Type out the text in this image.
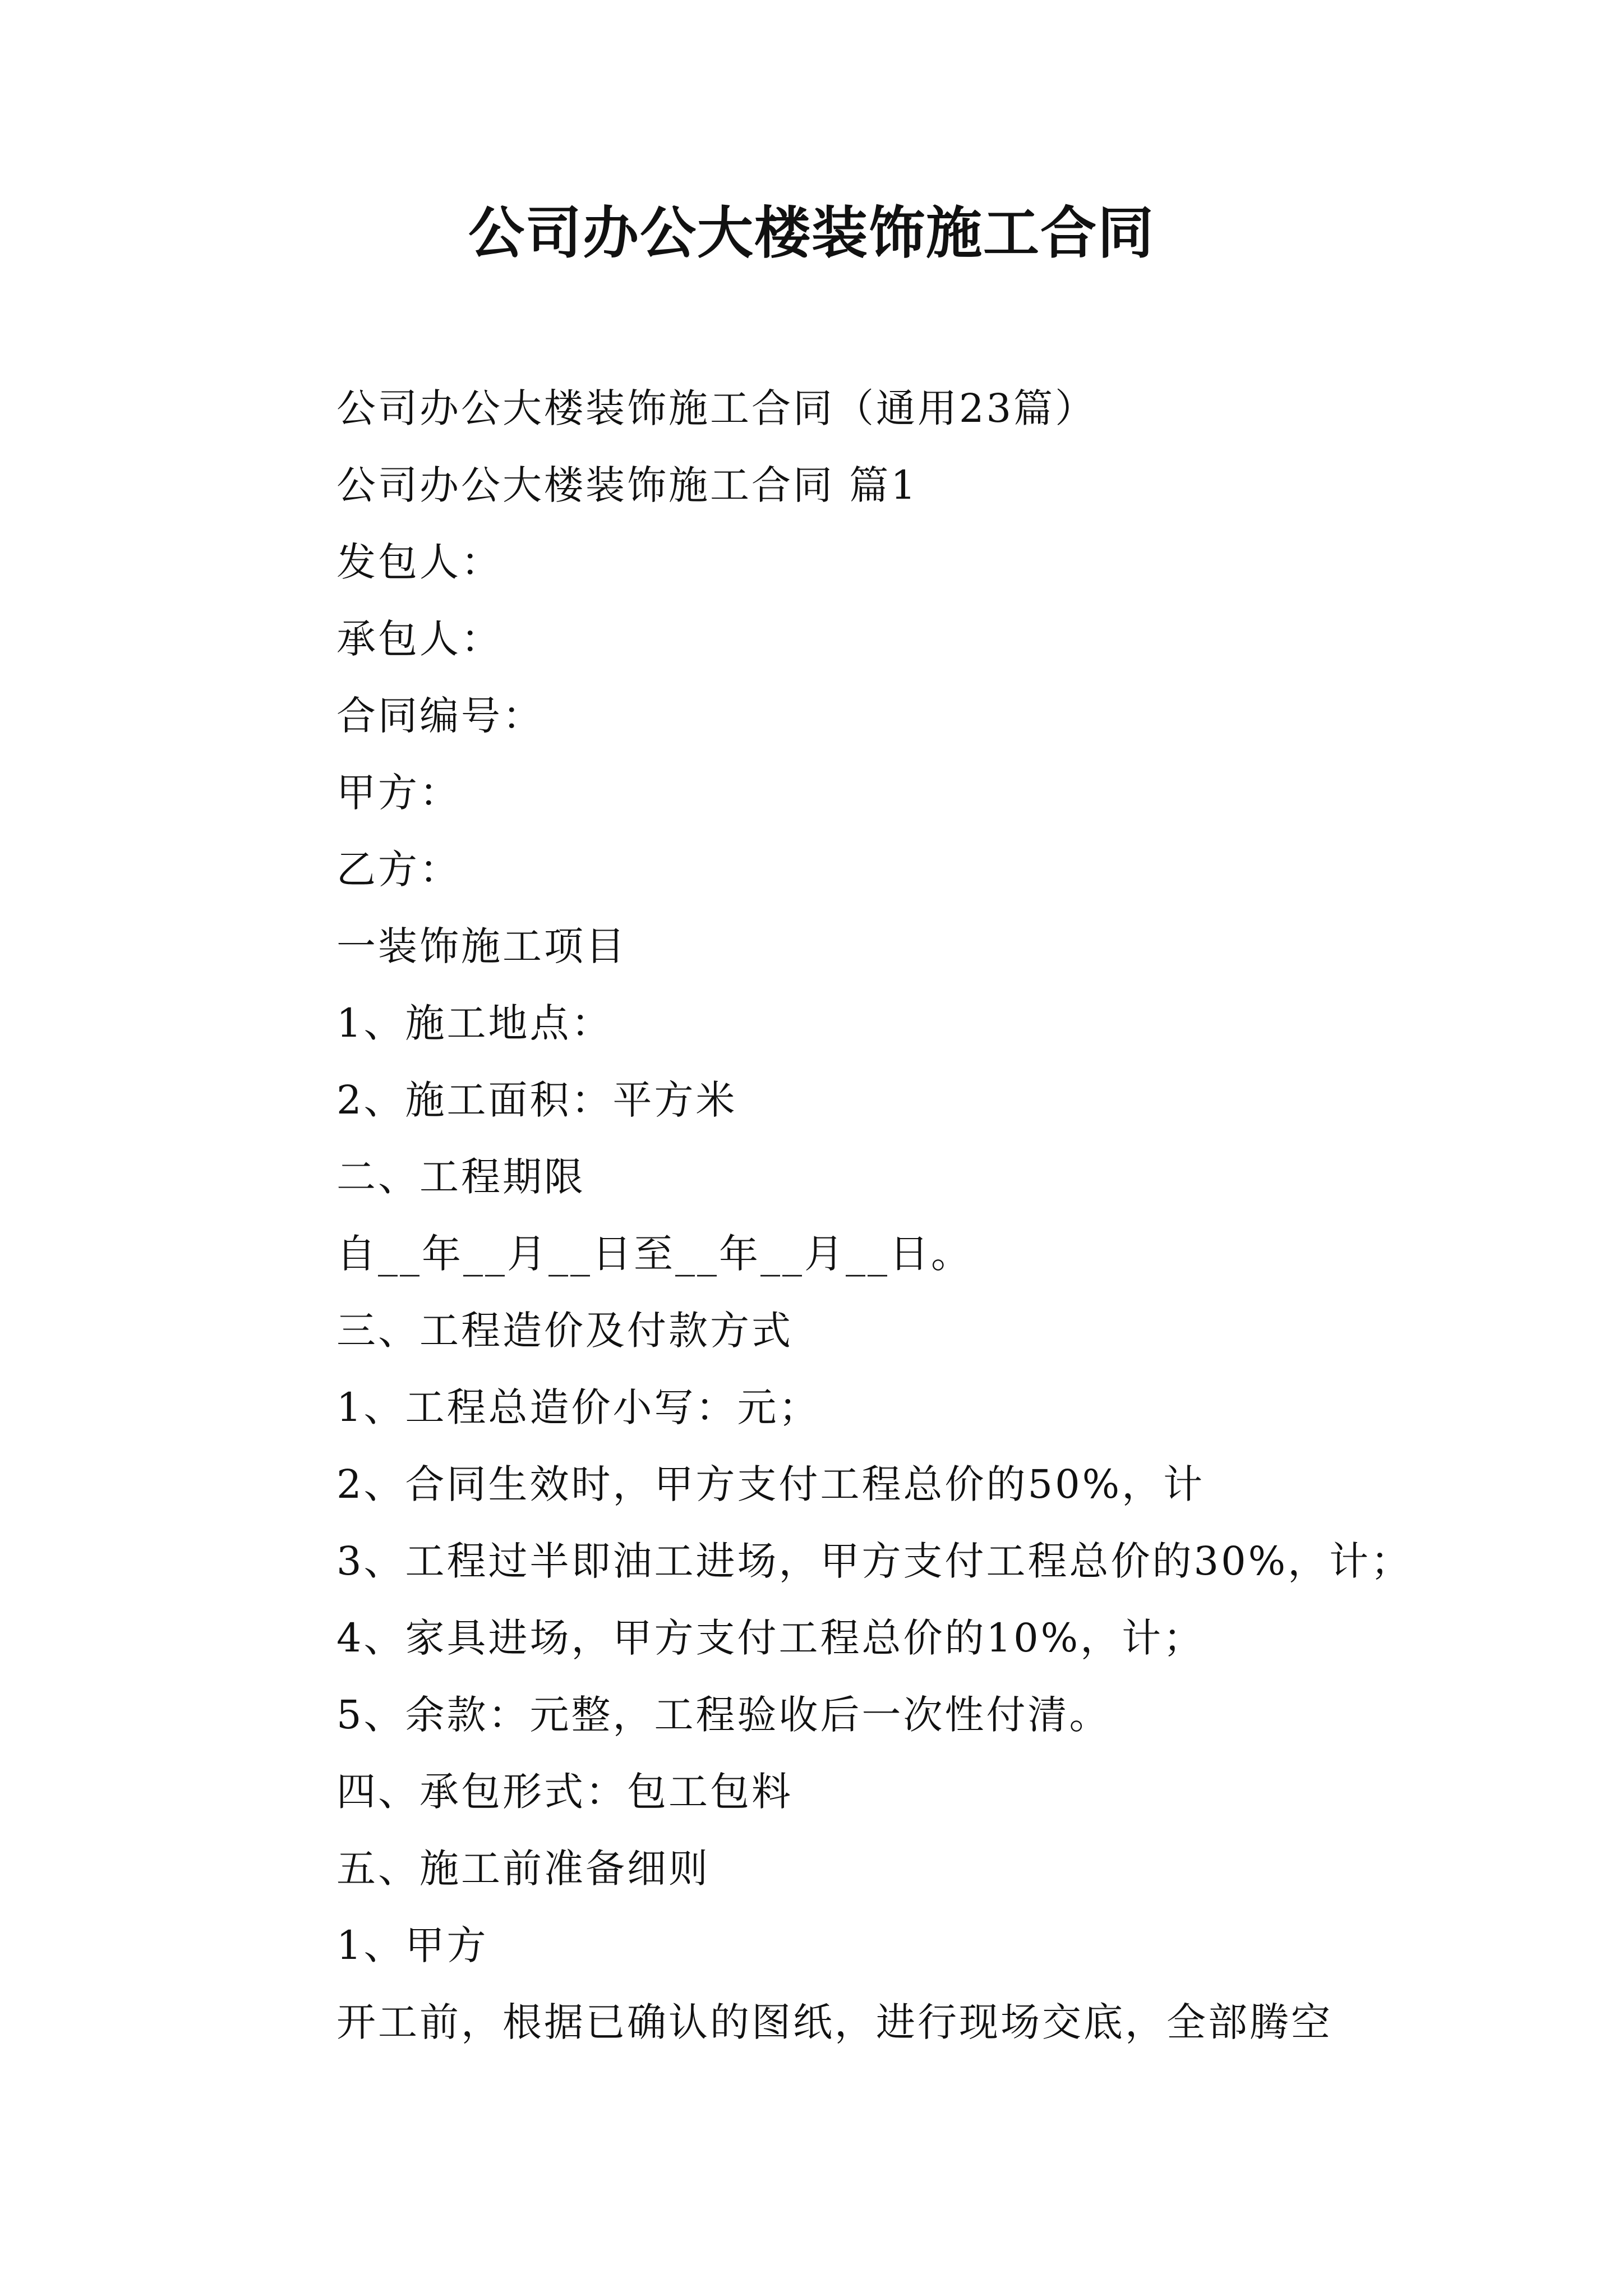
公司办公大楼装饰施工合同
公司办公大楼装饰施工合同（通用23篇）
公司办公大楼装饰施工合同 篇1
发包人：
承包人：
合同编号：
甲方：
乙方：
一装饰施工项目
1、施工地点：
2、施工面积：平方米
二、工程期限
自__年__月__日至__年__月__日。
三、工程造价及付款方式
1、工程总造价小写：元；
2、合同生效时，甲方支付工程总价的50%，计
3、工程过半即油工进场，甲方支付工程总价的30%，计；
4、家具进场，甲方支付工程总价的10%，计；
5、余款：元整，工程验收后一次性付清。
四、承包形式：包工包料
五、施工前准备细则
1、甲方
开工前，根据已确认的图纸，进行现场交底，全部腾空
